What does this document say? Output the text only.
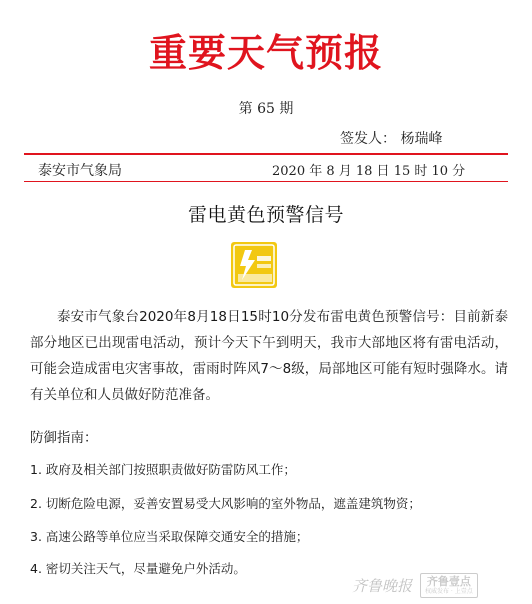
重要天气预报
第 65 期
签发人： 杨瑞峰
泰安市气象局	2020 年 8 月 18 日 15 时 10 分
雷电黄色预警信号
泰安市气象台2020年8月18日15时10分发布雷电黄色预警信号：目前新泰部分地区已出现雷电活动，预计今天下午到明天，我市大部地区将有雷电活动，可能会造成雷电灾害事故，雷雨时阵风7～8级，局部地区可能有短时强降水。请有关单位和人员做好防范准备。
防御指南：
1. 政府及相关部门按照职责做好防雷防风工作；
2. 切断危险电源，妥善安置易受大风影响的室外物品，遮盖建筑物资；
3. 高速公路等单位应当采取保障交通安全的措施；
4. 密切关注天气，尽量避免户外活动。
齐鲁晚报 齐鲁壹点
权威发布 · 上壹点
